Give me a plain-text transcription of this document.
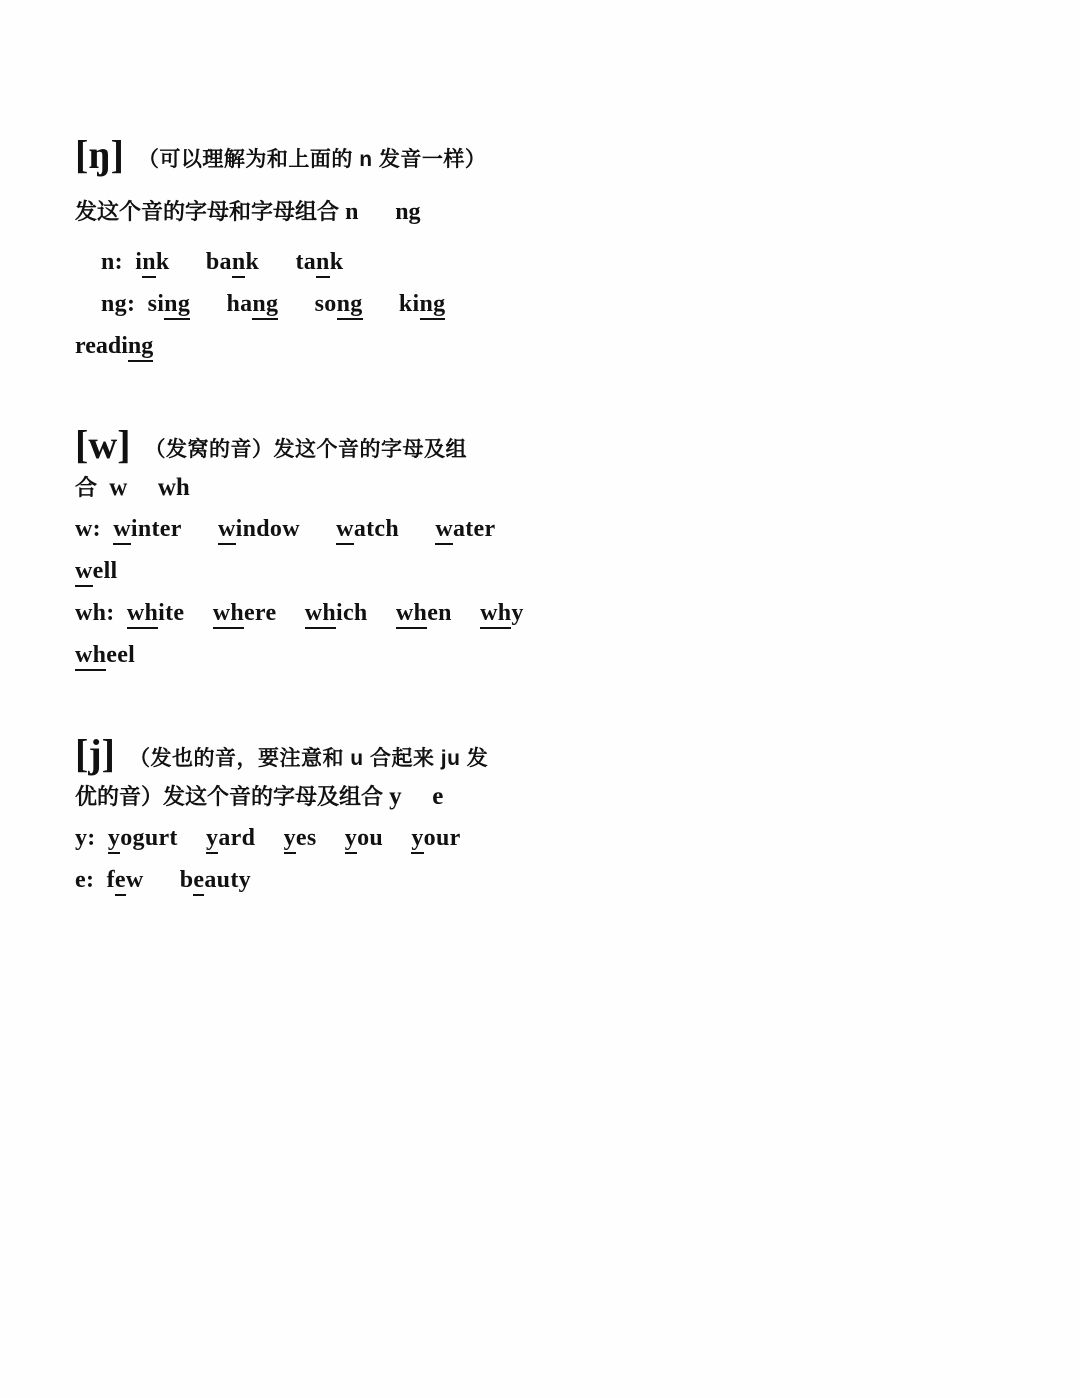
[ŋ] （可以理解为和上面的 n 发音一样）
发这个音的字母和字母组合 n ng
n: ink bank tank
ng: sing hang song king
reading
[w] （发窝的音）发这个音的字母及组
合 w wh
w: winter window watch water
well
wh: white where which when why
wheel
[j] （发也的音，要注意和 u 合起来 ju 发
优的音）发这个音的字母及组合 y e
y: yogurt yard yes you your
e: few beauty
